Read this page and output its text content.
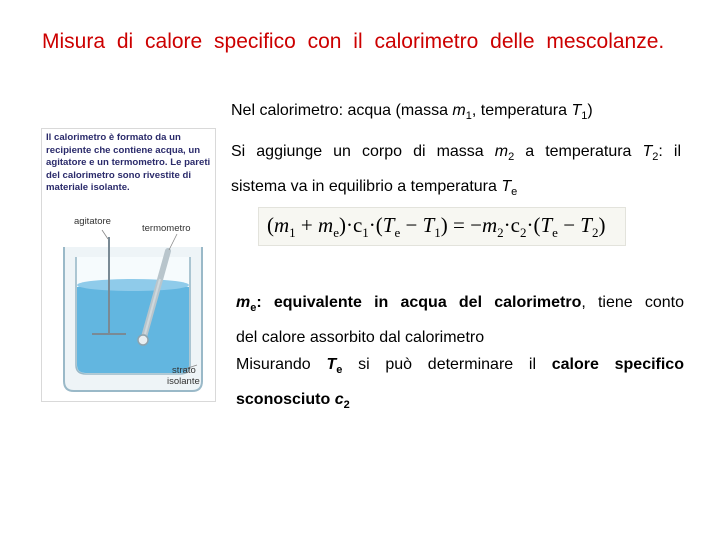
Misura di calore specifico con il calorimetro delle mescolanze.
Il calorimetro è formato da un recipiente che contiene acqua, un agitatore e un termometro. Le pareti del calorimetro sono rivestite di materiale isolante.
agitatore
termometro
strato
isolante
Nel calorimetro: acqua (massa $m_1$, temperatura $T_1$)
Si aggiunge un corpo di massa $m_2$ a temperatura $T_2$: il
sistema va in equilibrio a temperatura $T_e$
$(m_1 + m_e)\cdot c_1\cdot(T_e - T_1) = -m_2\cdot c_2\cdot(T_e - T_2)$
$m_e$: equivalente in acqua del calorimetro, tiene conto
del calore assorbito dal calorimetro
Misurando $T_e$ si può determinare il calore specifico
sconosciuto $c_2$
